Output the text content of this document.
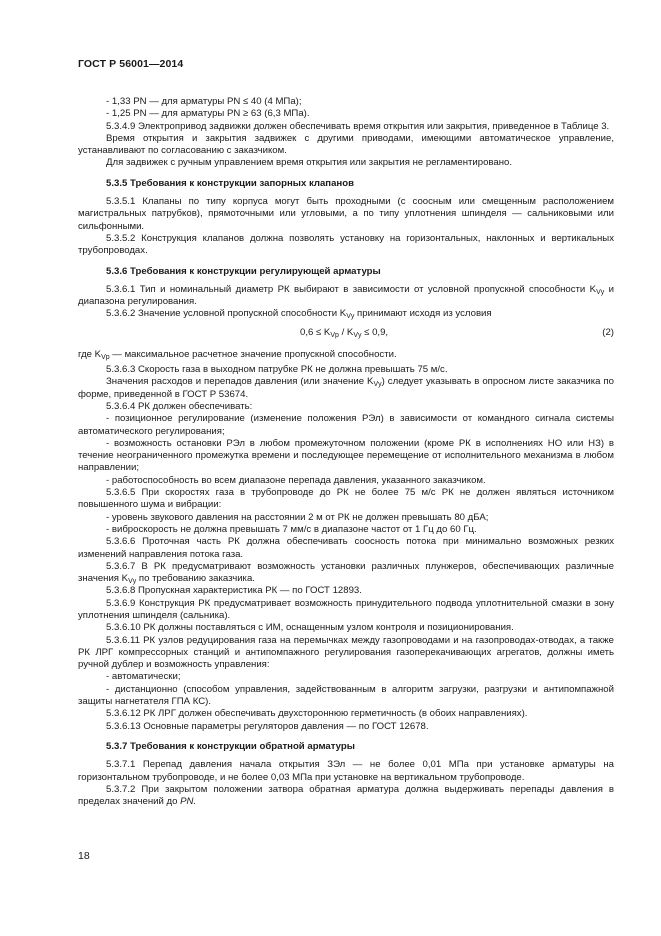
ГОСТ Р 56001—2014

- 1,33 PN — для арматуры PN ≤ 40 (4 МПа);

- 1,25 PN — для арматуры PN ≥ 63 (6,3 МПа).

5.3.4.9 Электропривод задвижки должен обеспечивать время открытия или закрытия, приведенное в Таблице 3.

Время открытия и закрытия задвижек с другими приводами, имеющими автоматическое управление, устанавливают по согласованию с заказчиком.

Для задвижек с ручным управлением время открытия или закрытия не регламентировано.

5.3.5 Требования к конструкции запорных клапанов

5.3.5.1 Клапаны по типу корпуса могут быть проходными (с соосным или смещенным расположением магистральных патрубков), прямоточными или угловыми, а по типу уплотнения шпинделя — сальниковыми или сильфонными.

5.3.5.2 Конструкция клапанов должна позволять установку на горизонтальных, наклонных и вертикальных трубопроводах.

5.3.6 Требования к конструкции регулирующей арматуры

5.3.6.1 Тип и номинальный диаметр РК выбирают в зависимости от условной пропускной способности $K_{Vу}$ и диапазона регулирования.

5.3.6.2 Значение условной пропускной способности $K_{Vу}$ принимают исходя из условия

$0,6 \le K_{Vр} / K_{Vу} \le 0,9$,	(2)

где $K_{Vр}$ — максимальное расчетное значение пропускной способности.

5.3.6.3 Скорость газа в выходном патрубке РК не должна превышать 75 м/с.

Значения расходов и перепадов давления (или значение $K_{Vу}$) следует указывать в опросном листе заказчика по форме, приведенной в ГОСТ Р 53674.

5.3.6.4 РК должен обеспечивать:

- позиционное регулирование (изменение положения РЭл) в зависимости от командного сигнала системы автоматического регулирования;

- возможность остановки РЭл в любом промежуточном положении (кроме РК в исполнениях НО или НЗ) в течение неограниченного промежутка времени и последующее перемещение от исполнительного механизма в любом направлении;

- работоспособность во всем диапазоне перепада давления, указанного заказчиком.

5.3.6.5 При скоростях газа в трубопроводе до РК не более 75 м/с РК не должен являться источником повышенного шума и вибрации:

- уровень звукового давления на расстоянии 2 м от РК не должен превышать 80 дБА;

- виброскорость не должна превышать 7 мм/с в диапазоне частот от 1 Гц до 60 Гц.

5.3.6.6 Проточная часть РК должна обеспечивать соосность потока при минимально возможных резких изменений направления потока газа.

5.3.6.7 В РК предусматривают возможность установки различных плунжеров, обеспечивающих различные значения $K_{Vу}$ по требованию заказчика.

5.3.6.8 Пропускная характеристика РК — по ГОСТ 12893.

5.3.6.9 Конструкция РК предусматривает возможность принудительного подвода уплотнительной смазки в зону уплотнения шпинделя (сальника).

5.3.6.10 РК должны поставляться с ИМ, оснащенным узлом контроля и позиционирования.

5.3.6.11 РК узлов редуцирования газа на перемычках между газопроводами и на газопроводах-отводах, а также РК ЛРГ компрессорных станций и антипомпажного регулирования газоперекачивающих агрегатов, должны иметь ручной дублер и возможность управления:

- автоматически;

- дистанционно (способом управления, задействованным в алгоритм загрузки, разгрузки и антипомпажной защиты нагнетателя ГПА КС).

5.3.6.12 РК ЛРГ должен обеспечивать двухстороннюю герметичность (в обоих направлениях).

5.3.6.13 Основные параметры регуляторов давления — по ГОСТ 12678.

5.3.7 Требования к конструкции обратной арматуры

5.3.7.1 Перепад давления начала открытия ЗЭл — не более 0,01 МПа при установке арматуры на горизонтальном трубопроводе, и не более 0,03 МПа при установке на вертикальном трубопроводе.

5.3.7.2 При закрытом положении затвора обратная арматура должна выдерживать перепады давления в пределах значений до PN.

18
